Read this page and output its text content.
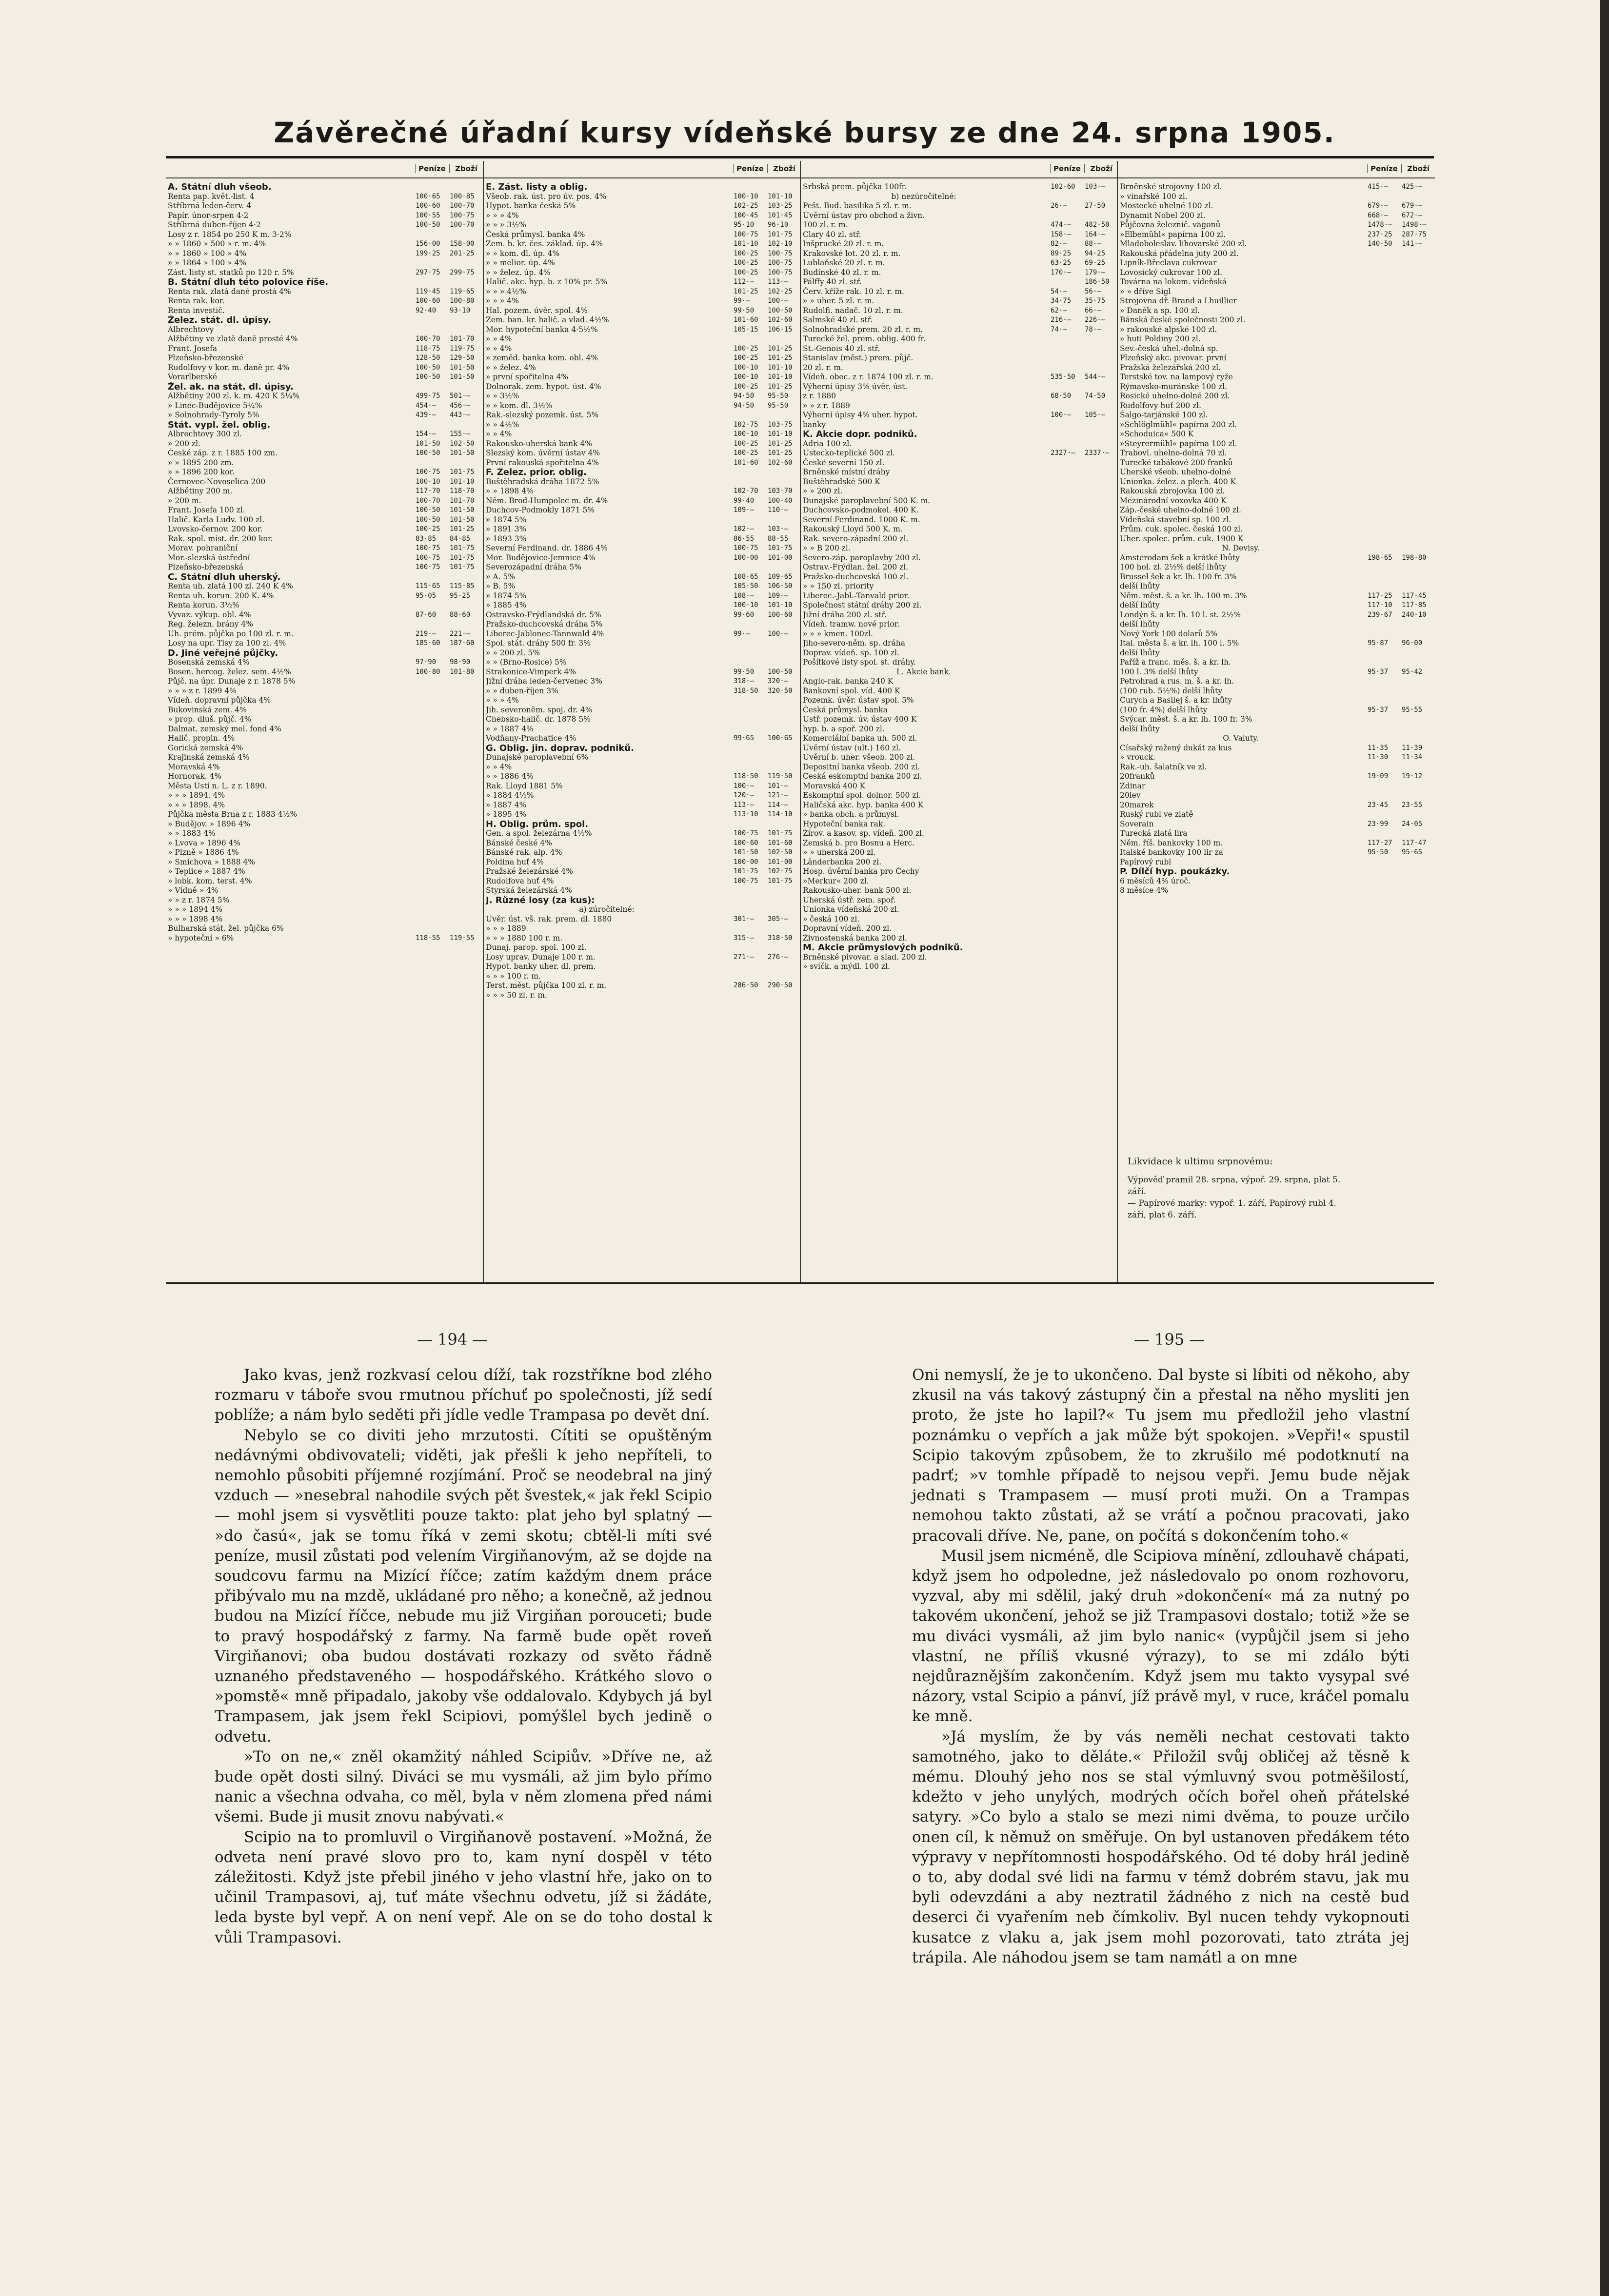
Závěrečné úřadní kursy vídeňské bursy ze dne 24. srpna 1905.
Peníze	Zboží
A. Státní dluh všeob.
Renta pap. květ.-list. 4	100·65	100·85
Stříbrná leden-červ. 4	100·60	100·70
Papír. únor-srpen 4·2	100·55	100·75
Stříbrná duben-říjen 4·2	100·50	100·70
Losy z r. 1854 po 250 K m. 3·2%
» » 1860 » 500 » r. m. 4%	156·00	158·00
» » 1860 » 100 » 4%	199·25	201·25
» » 1864 » 100 » 4%
Zást. listy st. statků po 120 r. 5%	297·75	299·75
B. Státní dluh této polovice říše.
Renta rak. zlatá daně prostá 4%	119·45	119·65
Renta rak. kor.	100·60	100·80
Renta investič.	92·40	93·10
Želez. stát. dl. úpisy.
Albrechtovy
Alžbětiny ve zlatě daně prosté 4%	100·70	101·70
Frant. Josefa	118·75	119·75
Plzeňsko-březenské	128·50	129·50
Rudolfovy v kor. m. daně pr. 4%	100·50	101·50
Vorarlberské	100·50	101·50
Žel. ak. na stát. dl. úpisy.
Alžbětiny 200 zl. k. m. 420 K 5¼%	499·75	501·—
» Linec-Budějovice 5¼%	454·—	456·—
» Solnohrady-Tyroly 5%	439·—	443·—
Stát. vypl. žel. oblig.
Albrechtovy 300 zl.	154·—	155·—
» 200 zl.	101·50	102·50
České záp. z r. 1885 100 zm.	100·50	101·50
» » 1895 200 zm.
» » 1896 200 kor.	100·75	101·75
Černovec-Novoselica 200	100·10	101·10
Alžbětiny 200 m.	117·70	118·70
» 200 m.	100·70	101·70
Frant. Josefa 100 zl.	100·50	101·50
Halič. Karla Ludv. 100 zl.	100·50	101·50
Lvovsko-černov. 200 kor.	100·25	101·25
Rak. spol. míst. dr. 200 kor.	83·85	84·85
Morav. pohraniční	100·75	101·75
Mor.-slezská ústřední	100·75	101·75
Plzeňsko-březenská	100·75	101·75
C. Státní dluh uherský.
Renta uh. zlatá 100 zl. 240 K 4%	115·65	115·85
Renta uh. korun. 200 K. 4%	95·05	95·25
Renta korun. 3½%
Vyvaz. výkup. obl. 4%	87·60	88·60
Reg. železn. brány 4%
Uh. prém. půjčka po 100 zl. r. m.	219·—	221·—
Losy na upr. Tisy za 100 zl. 4%	185·60	187·60
D. Jiné veřejné půjčky.
Bosenská zemská 4%	97·90	98·90
Bosen. hercog. želez. sem. 4½%	100·80	101·80
Půjč. na úpr. Dunaje z r. 1878 5%
» » » z r. 1899 4%
Vídeň. dopravní půjčka 4%
Bukovinská zem. 4%
» prop. dluš. půjč. 4%
Dalmat. zemský mel. fond 4%
Halič. propin. 4%
Gorická zemská 4%
Krajinská zemská 4%
Moravská 4%
Hornorak. 4%
Města Ústí n. L. z r. 1890.
» » » 1894. 4%
» » » 1898. 4%
Půjčka města Brna z r. 1883 4½%
» Budějov. » 1896 4%
» » 1883 4%
» Lvova » 1896 4%
» Plzně » 1886 4%
» Smíchova » 1888 4%
» Teplice » 1887 4%
» lobk. kom. terst. 4%
» Vídně » 4%
» » z r. 1874 5%
» » » 1894 4%
» » » 1898 4%
Bulharská stát. žel. půjčka 6%
» hypoteční » 6%	118·55	119·55
Peníze	Zboží
E. Zást. listy a oblig.
Všeob. rak. úst. pro úv. pos. 4%	100·10	101·10
Hypot. banka česká 5%	102·25	103·25
» » » 4%	100·45	101·45
» » » 3½%	95·10	96·10
Česká průmysl. banka 4%	100·75	101·75
Zem. b. kr. čes. základ. úp. 4%	101·10	102·10
» » kom. dl. úp. 4%	100·25	100·75
» » melior. úp. 4%	100·25	100·75
» » želez. úp. 4%	100·25	100·75
Halič. akc. hyp. b. z 10% pr. 5%	112·—	113·—
» » » 4½%	101·25	102·25
» » » 4%	99·—	100·—
Hal. pozem. úvěr. spol. 4%	99·50	100·50
Zem. ban. kr. halič. a vlad. 4½%	101·60	102·60
Mor. hypoteční banka 4·5½%	105·15	106·15
» » 4%
» » 4%	100·25	101·25
» zeměd. banka kom. obl. 4%	100·25	101·25
» » želez. 4%	100·10	101·10
» první spořitelna 4%	100·10	101·10
Dolnorak. zem. hypot. úst. 4%	100·25	101·25
» » 3½%	94·50	95·50
» » kom. dl. 3½%	94·50	95·50
Rak.-slezský pozemk. úst. 5%
» » 4½%	102·75	103·75
» » 4%	100·10	101·10
Rakousko-uherská bank 4%	100·25	101·25
Slezský kom. úvěrní ústav 4%	100·25	101·25
První rakouská spořitelna 4%	101·60	102·60
F. Želez. prior. oblig.
Buštěhradská dráha 1872 5%
» » 1898 4%	102·70	103·70
Něm. Brod-Humpolec m. dr. 4%	99·40	100·40
Duchcov-Podmokly 1871 5%	109·—	110·—
» 1874 5%
» 1891 3%	102·—	103·—
» 1893 3%	86·55	88·55
Severní Ferdinand. dr. 1886 4%	100·75	101·75
Mor. Budějovice-Jemnice 4%	100·00	101·00
Severozápadní dráha 5%
» A. 5%	108·65	109·65
» B. 5%	105·50	106·50
» 1874 5%	108·—	109·—
» 1885 4%	100·10	101·10
Ostravsko-Frýdlandská dr. 5%	99·60	100·60
Pražsko-duchcovská dráha 5%
Liberec-Jablonec-Tannwald 4%	99·—	100·—
Spol. stát. dráhy 500 fr. 3%
» » 200 zl. 5%
» » (Brno-Rosice) 5%
Strakonice-Vimperk 4%	99·50	100·50
Jižní dráha leden-červenec 3%	318·—	320·—
» » duben-říjen 3%	318·50	320·50
» » » 4%
Jih. severoněm. spoj. dr. 4%
Chebsko-halič. dr. 1878 5%
» » 1887 4%
Vodňany-Prachatice 4%	99·65	100·65
G. Oblig. jin. doprav. podniků.
Dunajské paroplavební 6%
» » 4%
» » 1886 4%	118·50	119·50
Rak. Lloyd 1881 5%	100·—	101·—
» 1884 4½%	120·—	121·—
» 1887 4%	113·—	114·—
» 1895 4%	113·10	114·10
H. Oblig. prům. spol.
Gen. a spol. železárna 4½%	100·75	101·75
Bánské české 4%	100·60	101·60
Bánské rak. alp. 4%	101·50	102·50
Poldina huť 4%	100·00	101·00
Pražské železárské 4%	101·75	102·75
Rudolfova huť 4%	100·75	101·75
Štyrská železárská 4%
J. Různé losy (za kus):
a) zúročitelné:
Úvěr. úst. vš. rak. prem. dl. 1880	301·—	305·—
» » » 1889
» » » 1880 100 r. m.	315·—	318·50
Dunaj. parop. spol. 100 zl.
Losy uprav. Dunaje 100 r. m.	271·—	276·—
Hypot. banky uher. dl. prem.
» » » 100 r. m.
Terst. měst. půjčka 100 zl. r. m.	286·50	290·50
» » » 50 zl. r. m.
Peníze	Zboží
Srbská prem. půjčka 100fr.	102·60	103·—
b) nezúročitelné:
Pešt. Bud. basilika 5 zl. r. m.	26·—	27·50
Úvěrní ústav pro obchod a živn.
100 zl. r. m.	474·—	482·50
Clary 40 zl. stř.	158·—	164·—
Inšprucké 20 zl. r. m.	82·—	88·—
Krakovské lot. 20 zl. r. m.	89·25	94·25
Lublaňské 20 zl. r. m.	63·25	69·25
Budínské 40 zl. r. m.	170·—	179·—
Pálffy 40 zl. stř.	186·50
Červ. kříže rak. 10 zl. r. m.	54·—	56·—
» » uher. 5 zl. r. m.	34·75	35·75
Rudolfi. nadač. 10 zl. r. m.	62·—	66·—
Salmské 40 zl. stř.	216·—	226·—
Solnohradské prem. 20 zl. r. m.	74·—	78·—
Turecké žel. prem. oblig. 400 fr.
St.-Genois 40 zl. stř.
Stanislav (měst.) prem. půjč.
20 zl. r. m.
Vídeň. obec. z r. 1874 100 zl. r. m.	535·50	544·—
Výherní úpisy 3% úvěr. úst.
z r. 1880	68·50	74·50
» » z r. 1889
Výherní úpisy 4% uher. hypot.	100·—	105·—
banky
K. Akcie dopr. podniků.
Adria 100 zl.
Ústecko-teplické 500 zl.	2327·—	2337·—
České severní 150 zl.
Brněnské místní dráhy
Buštěhradské 500 K
» » 200 zl.
Dunajské paroplavební 500 K. m.
Duchcovsko-podmokel. 400 K.
Severní Ferdinand. 1000 K. m.
Rakouský Lloyd 500 K. m.
Rak. severo-západní 200 zl.
» » B 200 zl.
Severo-záp. paroplavby 200 zl.
Ostrav.-Frýdlan. žel. 200 zl.
Pražsko-duchcovská 100 zl.
» » 150 zl. priority
Liberec.-Jabl.-Tanvald prior.
Společnost státní dráhy 200 zl.
Jižní dráha 200 zl. stř.
Vídeň. tramw. nové prior.
» » » kmen. 100zl.
Jiho-severo-něm. sp. dráha
Doprav. vídeň. sp. 100 zl.
Pošítkové listy spol. st. dráhy.
L. Akcie bank.
Anglo-rak. banka 240 K
Bankovní spol. víd. 400 K
Pozemk. úvěr. ústav spol. 5%
Česká průmysl. banka
Ústř. pozemk. úv. ústav 400 K
hyp. b. a spoř. 200 zl.
Komerciální banka uh. 500 zl.
Úvěrní ústav (ult.) 160 zl.
Úvěrní b. uher. všeob. 200 zl.
Depositní banka všeob. 200 zl.
Česká eskomptní banka 200 zl.
Moravská 400 K
Eskomptní spol. dolnor. 500 zl.
Haličská akc. hyp. banka 400 K
» banka obch. a průmysl.
Hypoteční banka rak.
Žírov. a kasov. sp. vídeň. 200 zl.
Zemská b. pro Bosnu a Herc.
» » uherská 200 zl.
Länderbanka 200 zl.
Hosp. úvěrní banka pro Čechy
»Merkur« 200 zl.
Rakousko-uher. bank 500 zl.
Uherská ústř. zem. spoř.
Unionka vídeňská 200 zl.
» česká 100 zl.
Dopravní vídeň. 200 zl.
Živnostenská banka 200 zl.
M. Akcie průmyslových podniků.
Brněnské pivovar. a slad. 200 zl.
» svíčk. a mýdl. 100 zl.
Peníze	Zboží
Brněnské strojovny 100 zl.	415·—	425·—
» vinařské 100 zl.
Mostecké uhelné 100 zl.	679·—	679·—
Dynamit Nobel 200 zl.	668·—	672·—
Půjčovna železnič. vagonů	1478·—	1498·—
»Elbemühl« papírna 100 zl.	237·25	287·75
Mladoboleslav. lihovarské 200 zl.	140·50	141·—
Rakouská přádelna juty 200 zl.
Lipník-Břeclava cukrovar
Lovosický cukrovar 100 zl.
Továrna na lokom. vídeňská
» » dříve Sigl
Strojovna dř. Brand a Lhuillier
» Daněk a sp. 100 zl.
Bánská české společnosti 200 zl.
» rakouské alpské 100 zl.
» huti Poldiny 200 zl.
Sev.-česká uhel.-dolná sp.
Plzeňský akc. pivovar. první
Pražská železářská 200 zl.
Terstské tov. na lampový ryže
Rýmavsko-muránské 100 zl.
Rosické uhelno-dolné 200 zl.
Rudolfovy huť 200 zl.
Šalgo-tarjánské 100 zl.
»Schlöglmühl« papírna 200 zl.
»Schoduica« 500 K
»Steyrermühl« papírna 100 zl.
Trabovl. uhelno-dolná 70 zl.
Turecké tabákové 200 franků
Uherské všeob. uhelno-dolné
Unionka. želez. a plech. 400 K
Rakouská zbrojovka 100 zl.
Mezinárodní voxovka 400 K
Záp.-české uhelno-dolné 100 zl.
Vídeňská stavební sp. 100 zl.
Prům. cuk. spolec. česká 100 zl.
Uher. spolec. prům. cuk. 1900 K
N. Devisy.
Amsterodam šek a krátké lhůty	198·65	198·80
100 hol. zl. 2½% delší lhůty
Brussel šek a kr. lh. 100 fr. 3%
delší lhůty
Něm. měst. š. a kr. lh. 100 m. 3%	117·25	117·45
delší lhůty	117·10	117·85
Londýn š. a kr. lh. 10 l. st. 2½%	239·67	240·10
delší lhůty
Nový York 100 dolarů 5%
Ital. města š. a kr. lh. 100 l. 5%	95·87	96·00
delší lhůty
Paříž a franc. měs. š. a kr. lh.
100 l. 3% delší lhůty	95·37	95·42
Petrohrad a rus. m. š. a kr. lh.
(100 rub. 5½%) delší lhůty
Curych a Basilej š. a kr. lhůty
(100 fr. 4%) delší lhůty	95·37	95·55
Švýcar. měst. š. a kr. lh. 100 fr. 3%
delší lhůty
O. Valuty.
Císařský ražený dukát za kus	11·35	11·39
» vrouck.	11·30	11·34
Rak.-uh. šalatník ve zl.
20franků	19·09	19·12
Zdinar
20lev
20marek	23·45	23·55
Ruský rubl ve zlatě
Soverain	23·99	24·05
Turecká zlatá lira
Něm. říš. bankovky 100 m.	117·27	117·47
Italské bankovky 100 lir za	95·50	95·65
Papírový rubl
P. Dílčí hyp. poukázky.
6 měsíců 4% úroč.
8 měsíce 4%
Likvidace k ultimu srpnovému:
Výpověď pramil 28. srpna, výpoř. 29. srpna, plat 5. září.
— Papírové marky: vypoř. 1. září, Papírový rubl 4. září, plat 6. září.
— 194 —	— 195 —

Jako kvas, jenž rozkvasí celou díží, tak rozstříkne bod zlého rozmaru v táboře svou rmutnou příchuť po společnosti, jíž sedí poblíže; a nám bylo seděti při jídle vedle Trampasa po devět dní.

Nebylo se co diviti jeho mrzutosti. Cítiti se opuštěným nedávnými obdivovateli; viděti, jak přešli k jeho nepříteli, to nemohlo působiti příjemné rozjímání. Proč se neodebral na jiný vzduch — »nesebral nahodile svých pět švestek,« jak řekl Scipio — mohl jsem si vysvětliti pouze takto: plat jeho byl splatný — »do časú«, jak se tomu říká v zemi skotu; cbtěl-li míti své peníze, musil zůstati pod velením Virgiňanovým, až se dojde na soudcovu farmu na Mizící říčce; zatím každým dnem práce přibývalo mu na mzdě, ukládané pro něho; a konečně, až jednou budou na Mizící říčce, nebude mu již Virgiňan porouceti; bude to pravý hospodářský z farmy. Na farmě bude opět roveň Virgiňanovi; oba budou dostávati rozkazy od světo řádně uznaného představeného — hospodářského. Krátkého slovo o »pomstě« mně připadalo, jakoby vše oddalovalo. Kdybych já byl Trampasem, jak jsem řekl Scipiovi, pomýšlel bych jedině o odvetu.

»To on ne,« zněl okamžitý náhled Scipiův. »Dříve ne, až bude opět dosti silný. Diváci se mu vysmáli, až jim bylo přímo nanic a všechna odvaha, co měl, byla v něm zlomena před námi všemi. Bude ji musit znovu nabývati.«

Scipio na to promluvil o Virgiňanově postavení. »Možná, že odveta není pravé slovo pro to, kam nyní dospěl v této záležitosti. Když jste přebil jiného v jeho vlastní hře, jako on to učinil Trampasovi, aj, tuť máte všechnu odvetu, jíž si žádáte, leda byste byl vepř. A on není vepř. Ale on se do toho dostal k vůli Trampasovi.

Oni nemyslí, že je to ukončeno. Dal byste si líbiti od někoho, aby zkusil na vás takový zástupný čin a přestal na něho mysliti jen proto, že jste ho lapil?« Tu jsem mu předložil jeho vlastní poznámku o vepřích a jak může být spokojen. »Vepři!« spustil Scipio takovým způsobem, že to zkrušilo mé podotknutí na padrť; »v tomhle případě to nejsou vepři. Jemu bude nějak jednati s Trampasem — musí proti muži. On a Trampas nemohou takto zůstati, až se vrátí a počnou pracovati, jako pracovali dříve. Ne, pane, on počítá s dokončením toho.«

Musil jsem nicméně, dle Scipiova mínění, zdlouhavě chápati, když jsem ho odpoledne, jež následovalo po onom rozhovoru, vyzval, aby mi sdělil, jaký druh »dokončení« má za nutný po takovém ukončení, jehož se již Trampasovi dostalo; totiž »že se mu diváci vysmáli, až jim bylo nanic« (vypůjčil jsem si jeho vlastní, ne příliš vkusné výrazy), to se mi zdálo býti nejdůraznějším zakončením. Když jsem mu takto vysypal své názory, vstal Scipio a pánví, jíž právě myl, v ruce, kráčel pomalu ke mně.

»Já myslím, že by vás neměli nechat cestovati takto samotného, jako to děláte.« Přiložil svůj obličej až těsně k mému. Dlouhý jeho nos se stal výmluvný svou potměšilostí, kdežto v jeho unylých, modrých očích bořel oheň přátelské satyry. »Co bylo a stalo se mezi nimi dvěma, to pouze určilo onen cíl, k němuž on směřuje. On byl ustanoven předákem této výpravy v nepřítomnosti hospodářského. Od té doby hrál jedině o to, aby dodal své lidi na farmu v témž dobrém stavu, jak mu byli odevzdáni a aby neztratil žádného z nich na cestě bud deserci či vyařením neb čímkoliv. Byl nucen tehdy vykopnouti kusatce z vlaku a, jak jsem mohl pozorovati, tato ztráta jej trápila. Ale náhodou jsem se tam namátl a on mne
